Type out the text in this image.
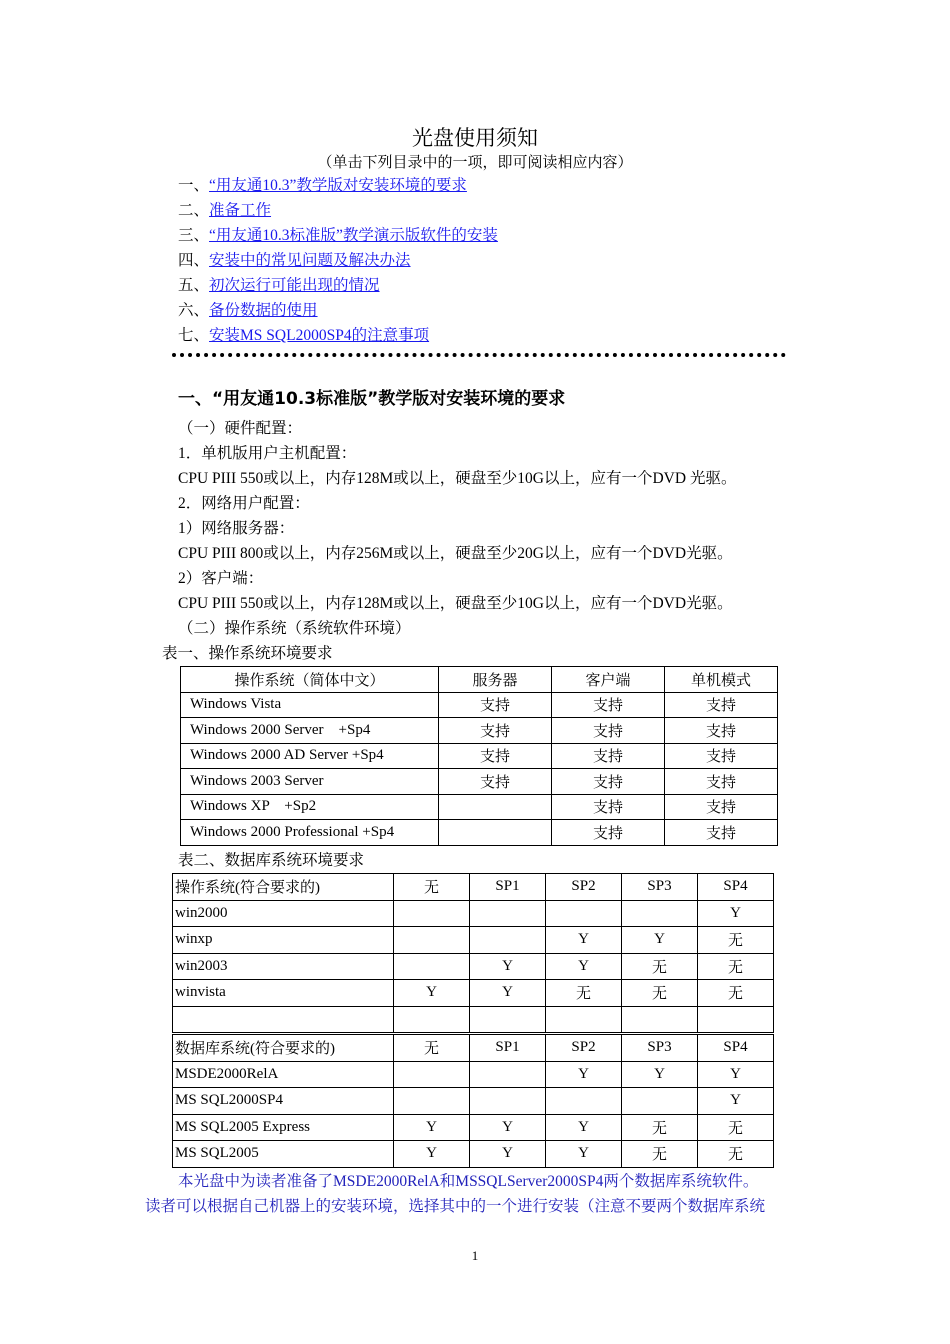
光盘使用须知
（单击下列目录中的一项，即可阅读相应内容）
一、“用友通10.3”教学版对安装环境的要求
二、准备工作
三、“用友通10.3标准版”教学演示版软件的安装
四、安装中的常见问题及解决办法
五、初次运行可能出现的情况
六、备份数据的使用
七、安装MS SQL2000SP4的注意事项
一、“用友通10.3标准版”教学版对安装环境的要求
（一）硬件配置：
1．单机版用户主机配置：
CPU PIII 550或以上，内存128M或以上，硬盘至少10G以上，应有一个DVD 光驱。
2．网络用户配置：
1）网络服务器：
CPU PIII 800或以上，内存256M或以上，硬盘至少20G以上，应有一个DVD光驱。
2）客户端：
CPU PIII 550或以上，内存128M或以上，硬盘至少10G以上，应有一个DVD光驱。
（二）操作系统（系统软件环境）
表一、操作系统环境要求
操作系统（简体中文）	服务器	客户端	单机模式
Windows Vista	支持	支持	支持
Windows 2000 Server    +Sp4	支持	支持	支持
Windows 2000 AD Server +Sp4	支持	支持	支持
Windows 2003 Server	支持	支持	支持
Windows XP    +Sp2		支持	支持
Windows 2000 Professional +Sp4		支持	支持
表二、数据库系统环境要求
操作系统(符合要求的)	无	SP1	SP2	SP3	SP4
win2000					Y
winxp			Y	Y	无
win2003		Y	Y	无	无
winvista	Y	Y	无	无	无

数据库系统(符合要求的)	无	SP1	SP2	SP3	SP4
MSDE2000RelA			Y	Y	Y
MS SQL2000SP4					Y
MS SQL2005 Express	Y	Y	Y	无	无
MS SQL2005	Y	Y	Y	无	无
本光盘中为读者准备了MSDE2000RelA和MSSQLServer2000SP4两个数据库系统软件。
读者可以根据自己机器上的安装环境，选择其中的一个进行安装（注意不要两个数据库系统
1
